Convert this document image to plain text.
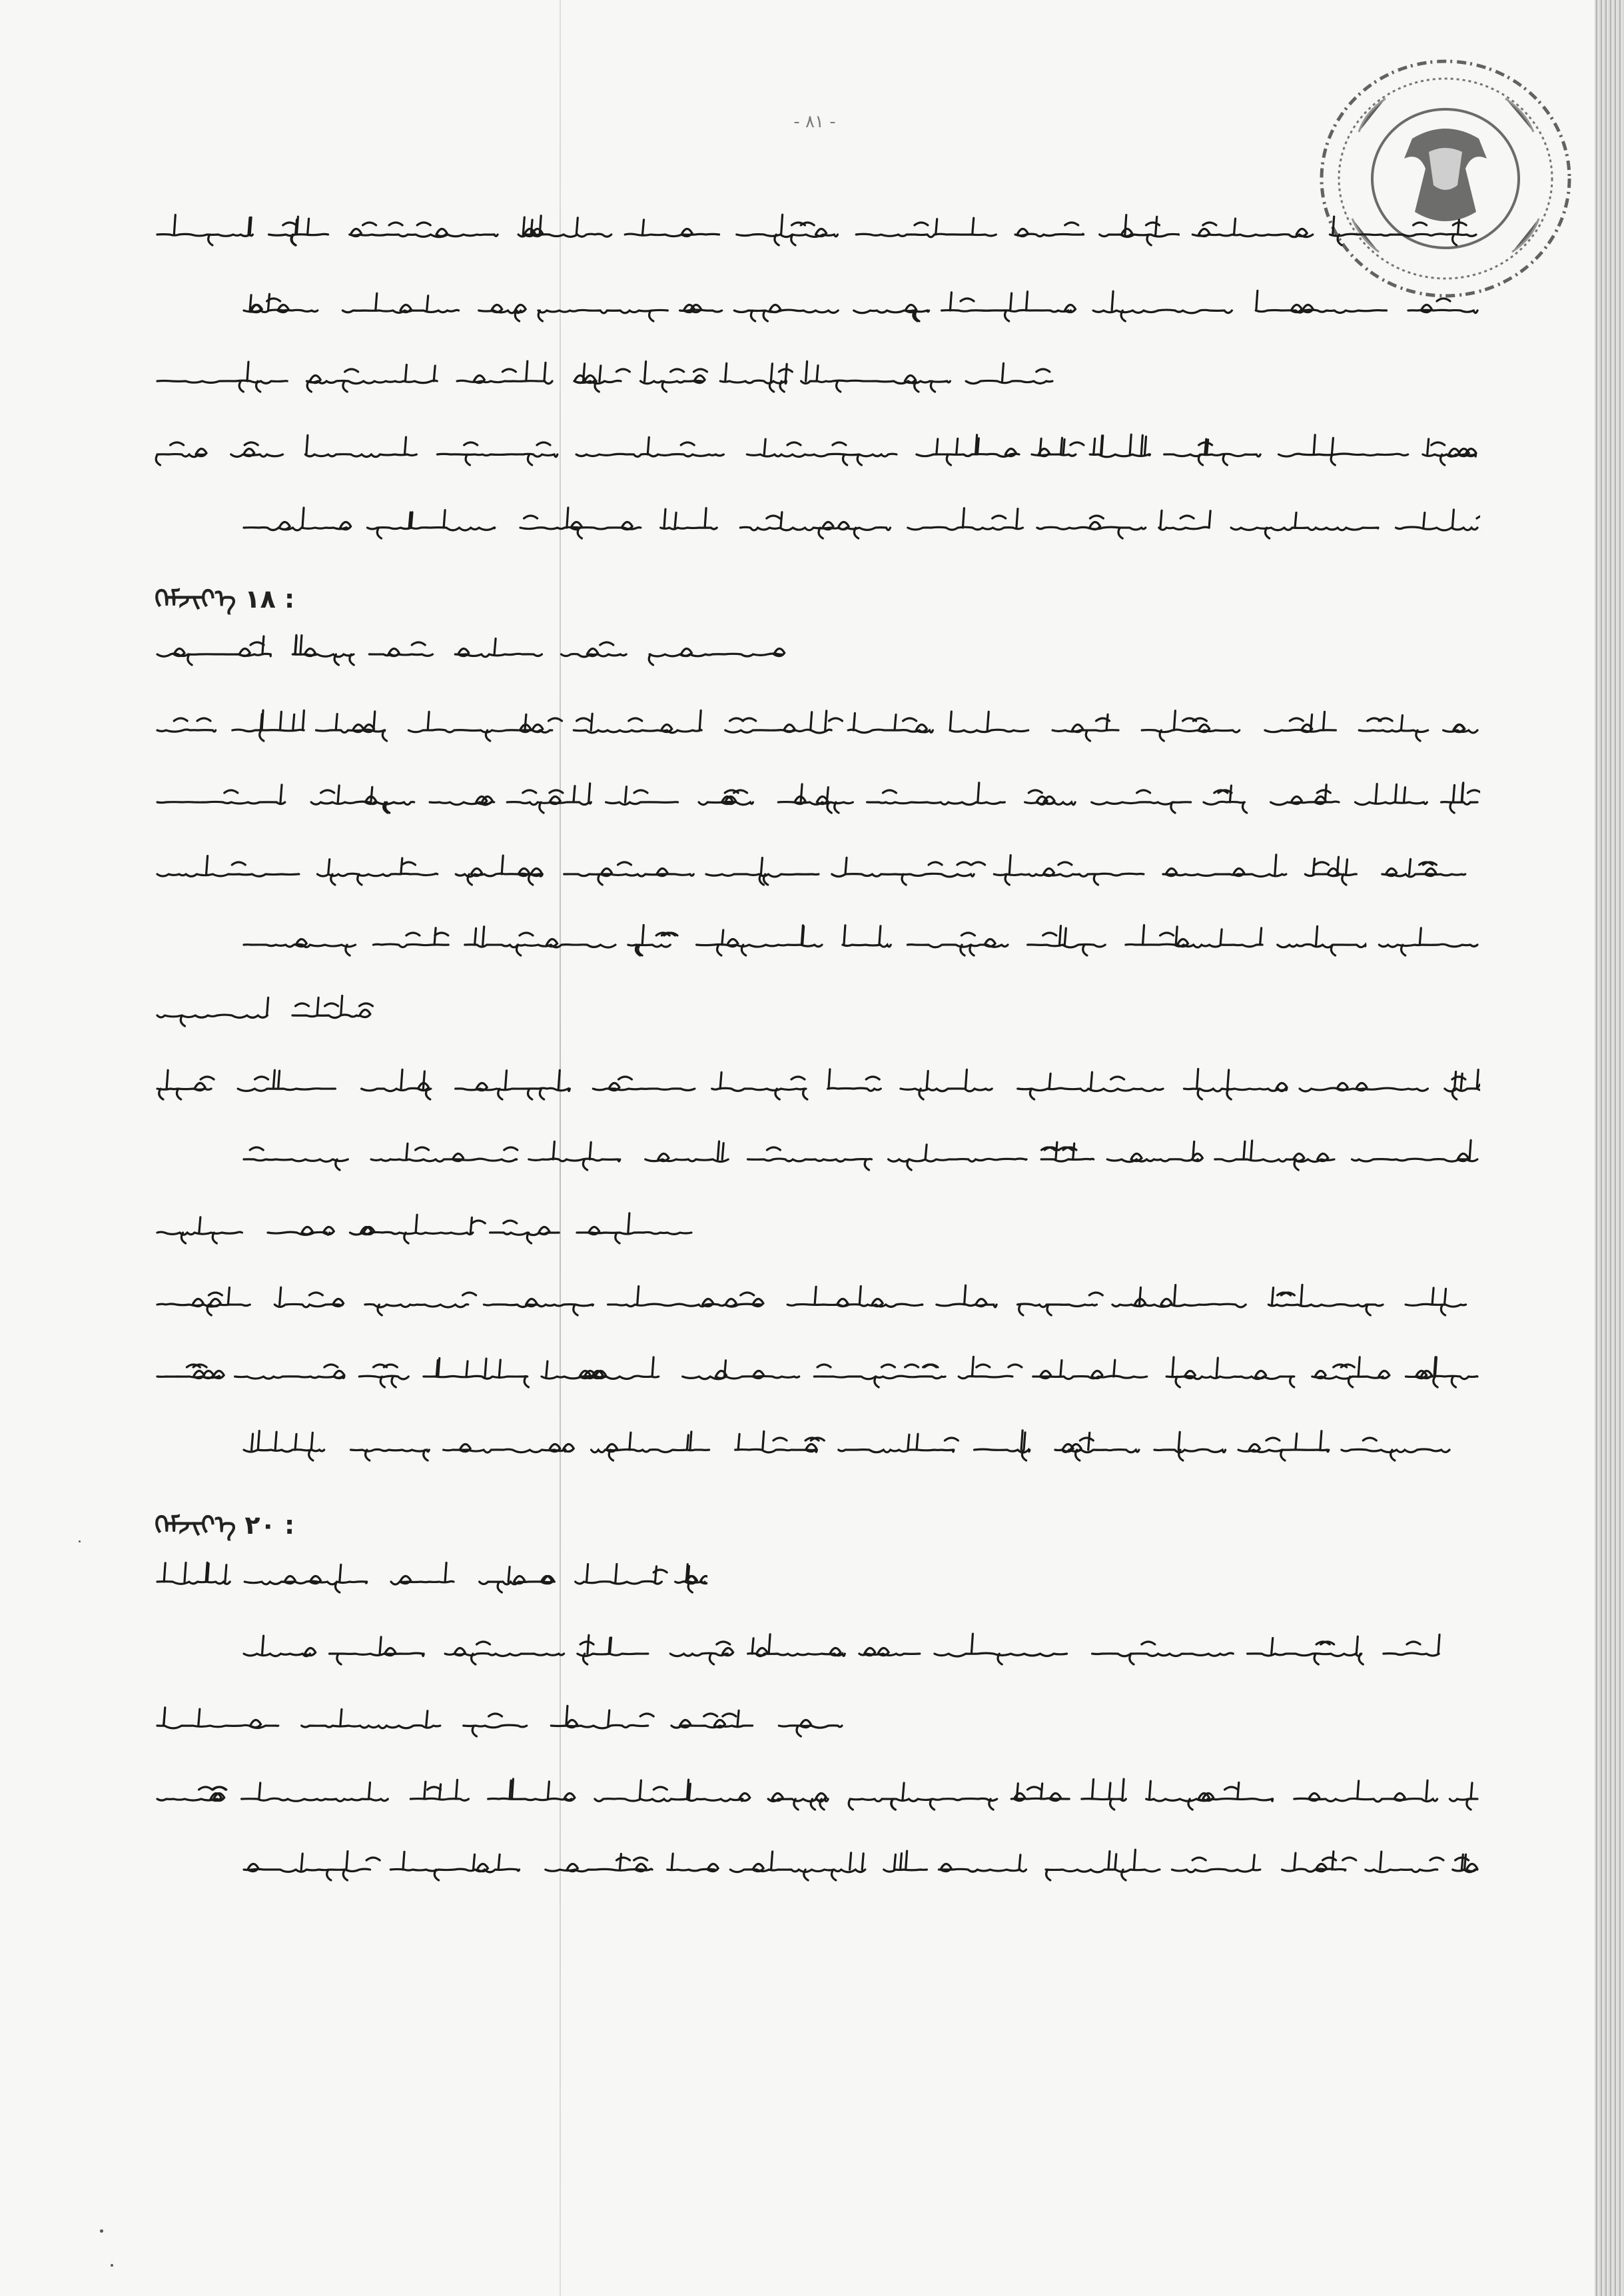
- ٨١ -
ᠬᠡᠮᠵᠢᠶ᠎ᠡ ١٨ :
ᠬᠡᠮᠵᠢᠶ᠎ᠡ ٢٠ :
